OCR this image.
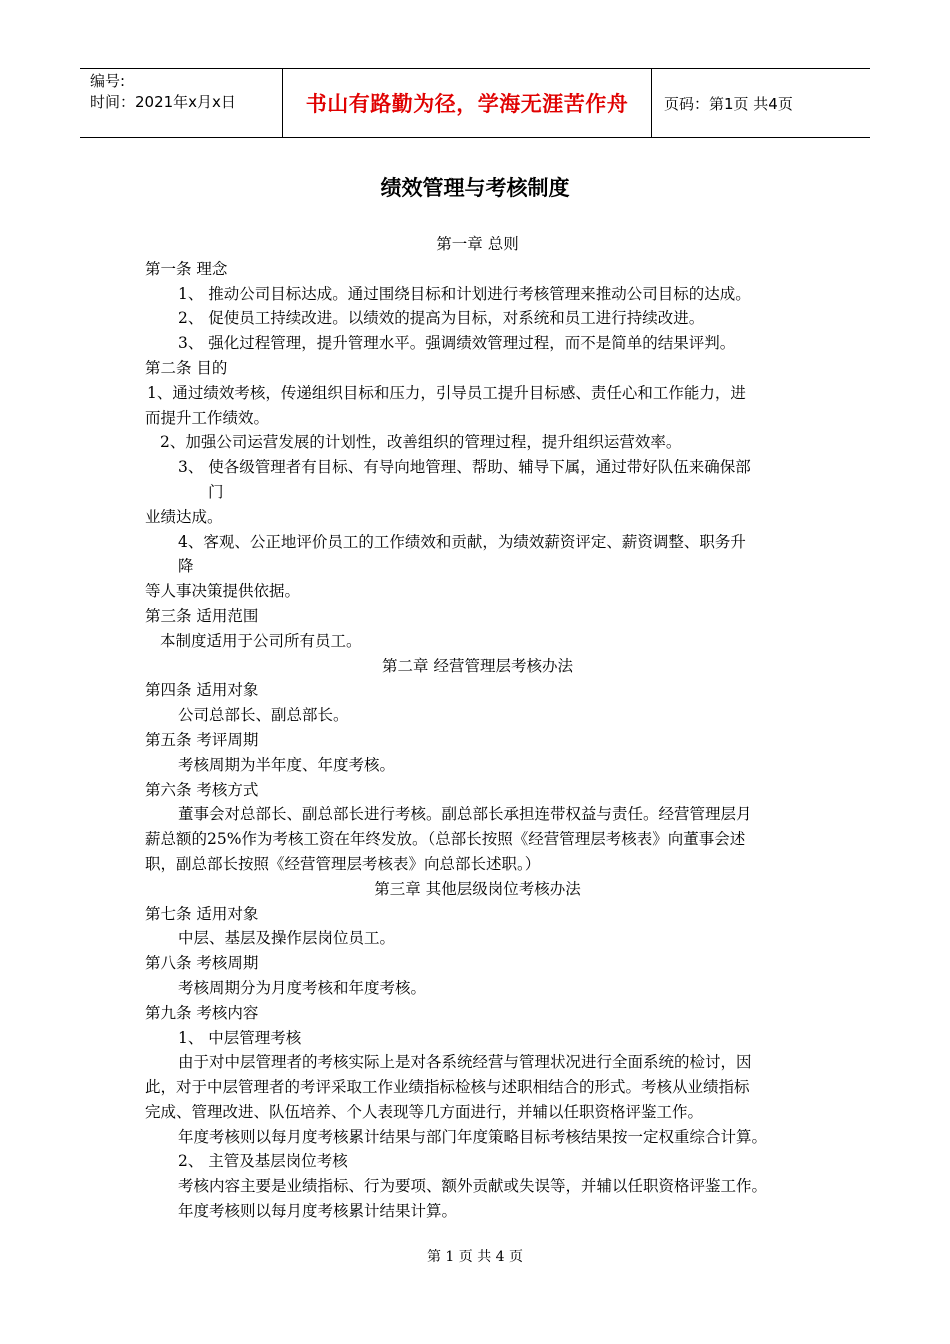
编号:
时间：2021年x月x日	书山有路勤为径，学海无涯苦作舟 页码：第1页 共4页
绩效管理与考核制度
第一章 总则
第一条 理念
1、 推动公司目标达成。通过围绕目标和计划进行考核管理来推动公司目标的达成。
2、 促使员工持续改进。以绩效的提高为目标，对系统和员工进行持续改进。
3、 强化过程管理，提升管理水平。强调绩效管理过程，而不是简单的结果评判。
第二条 目的
1、通过绩效考核，传递组织目标和压力，引导员工提升目标感、责任心和工作能力，进
而提升工作绩效。
2、加强公司运营发展的计划性，改善组织的管理过程，提升组织运营效率。
3、 使各级管理者有目标、有导向地管理、帮助、辅导下属，通过带好队伍来确保部
门
业绩达成。
4、客观、公正地评价员工的工作绩效和贡献，为绩效薪资评定、薪资调整、职务升
降
等人事决策提供依据。
第三条 适用范围
本制度适用于公司所有员工。
第二章 经营管理层考核办法
第四条 适用对象
公司总部长、副总部长。
第五条 考评周期
考核周期为半年度、年度考核。
第六条 考核方式
董事会对总部长、副总部长进行考核。副总部长承担连带权益与责任。经营管理层月
薪总额的25%作为考核工资在年终发放。（总部长按照《经营管理层考核表》向董事会述
职，副总部长按照《经营管理层考核表》向总部长述职。）
第三章 其他层级岗位考核办法
第七条 适用对象
中层、基层及操作层岗位员工。
第八条 考核周期
考核周期分为月度考核和年度考核。
第九条 考核内容
1、 中层管理考核
由于对中层管理者的考核实际上是对各系统经营与管理状况进行全面系统的检讨，因
此，对于中层管理者的考评采取工作业绩指标检核与述职相结合的形式。考核从业绩指标
完成、管理改进、队伍培养、个人表现等几方面进行，并辅以任职资格评鉴工作。
年度考核则以每月度考核累计结果与部门年度策略目标考核结果按一定权重综合计算。
2、 主管及基层岗位考核
考核内容主要是业绩指标、行为要项、额外贡献或失误等，并辅以任职资格评鉴工作。
年度考核则以每月度考核累计结果计算。
第 1 页 共 4 页
